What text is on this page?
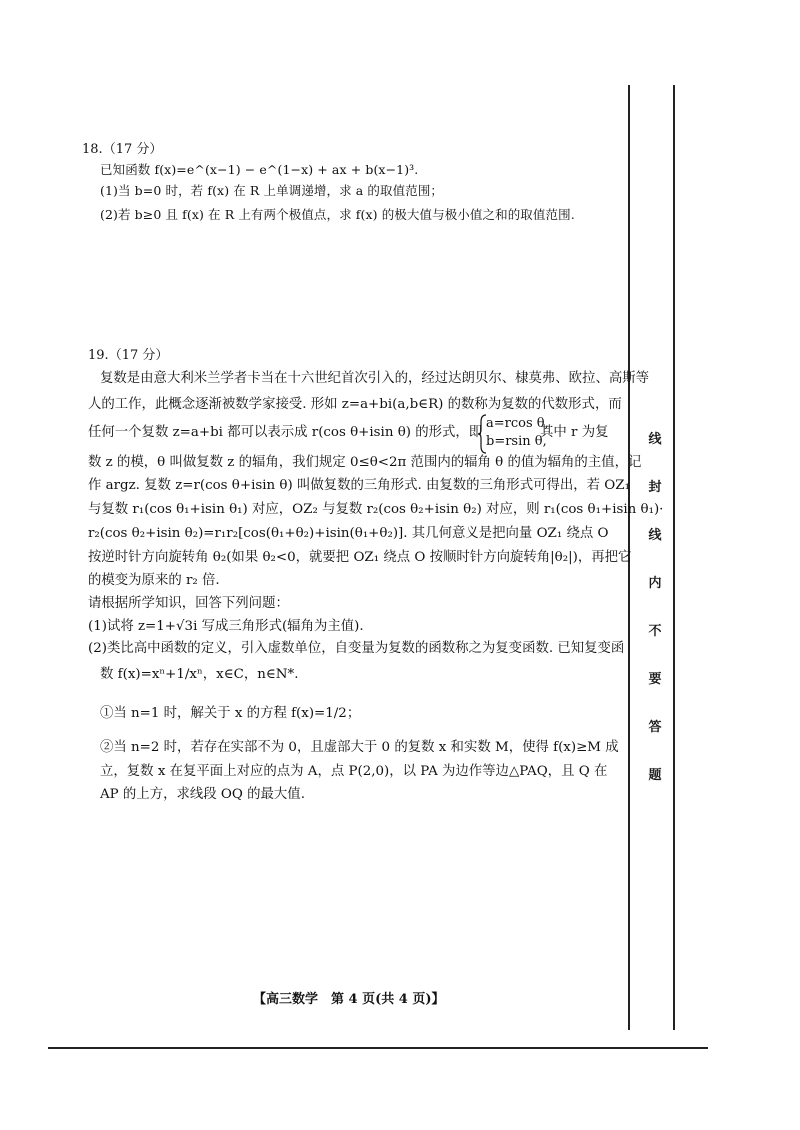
线
封
线
内
不
要
答
题
18.（17 分）
已知函数 f(x)=e^(x−1) − e^(1−x) + ax + b(x−1)³.
(1)当 b=0 时，若 f(x) 在 R 上单调递增，求 a 的取值范围；
(2)若 b≥0 且 f(x) 在 R 上有两个极值点，求 f(x) 的极大值与极小值之和的取值范围.
19.（17 分）
复数是由意大利米兰学者卡当在十六世纪首次引入的，经过达朗贝尔、棣莫弗、欧拉、高斯等
人的工作，此概念逐渐被数学家接受. 形如 z=a+bi(a,b∈R) 的数称为复数的代数形式，而
任何一个复数 z=a+bi 都可以表示成 r(cos θ+isin θ) 的形式，即
a=rcos θ,
b=rsin θ,
其中 r 为复
数 z 的模，θ 叫做复数 z 的辐角，我们规定 0≤θ<2π 范围内的辐角 θ 的值为辐角的主值，记
作 argz. 复数 z=r(cos θ+isin θ) 叫做复数的三角形式. 由复数的三角形式可得出，若 OZ₁
与复数 r₁(cos θ₁+isin θ₁) 对应，OZ₂ 与复数 r₂(cos θ₂+isin θ₂) 对应，则 r₁(cos θ₁+isin θ₁)·
r₂(cos θ₂+isin θ₂)=r₁r₂[cos(θ₁+θ₂)+isin(θ₁+θ₂)]. 其几何意义是把向量 OZ₁ 绕点 O
按逆时针方向旋转角 θ₂(如果 θ₂<0，就要把 OZ₁ 绕点 O 按顺时针方向旋转角|θ₂|)，再把它
的模变为原来的 r₂ 倍.
请根据所学知识，回答下列问题：
(1)试将 z=1+√3i 写成三角形式(辐角为主值).
(2)类比高中函数的定义，引入虚数单位，自变量为复数的函数称之为复变函数. 已知复变函
数 f(x)=xⁿ+1/xⁿ，x∈C，n∈N*.
①当 n=1 时，解关于 x 的方程 f(x)=1/2；
②当 n=2 时，若存在实部不为 0，且虚部大于 0 的复数 x 和实数 M，使得 f(x)≥M 成
立，复数 x 在复平面上对应的点为 A，点 P(2,0)，以 PA 为边作等边△PAQ，且 Q 在
AP 的上方，求线段 OQ 的最大值.
【高三数学　第 4 页(共 4 页)】
